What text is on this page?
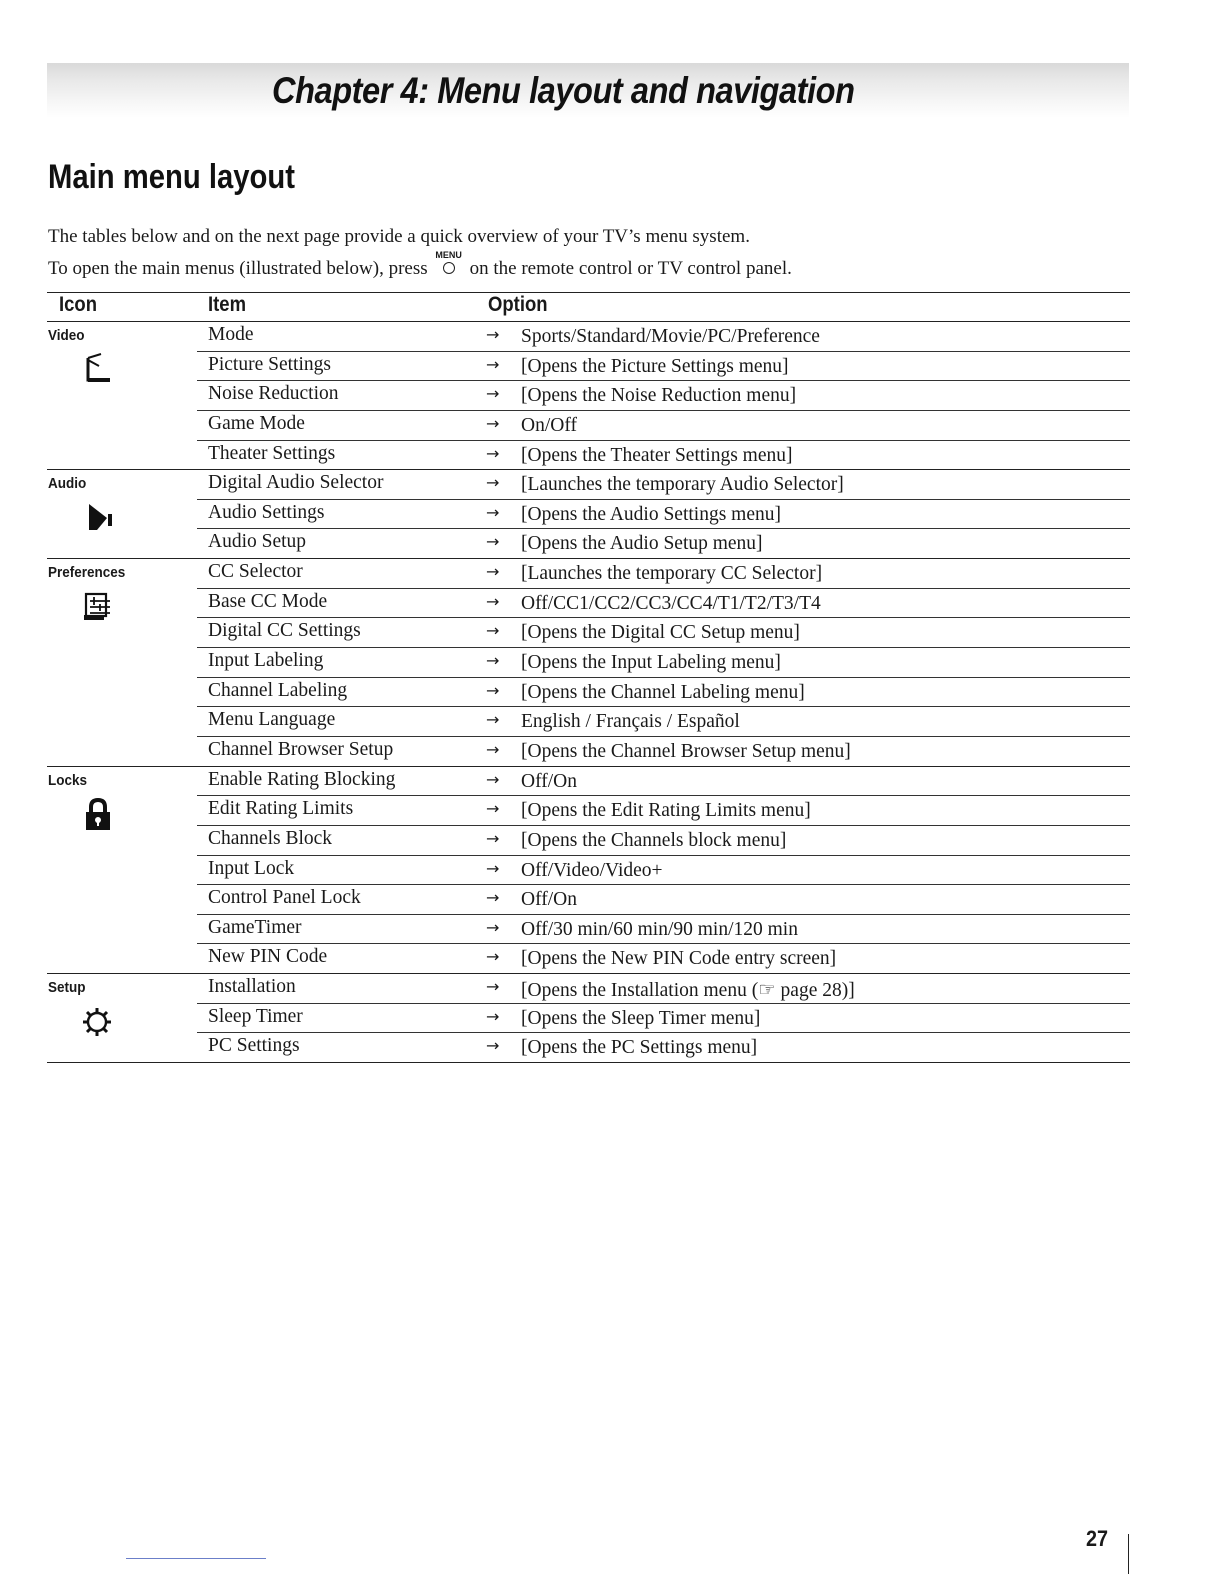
Chapter 4: Menu layout and navigation
Main menu layout

The tables below and on the next page provide a quick overview of your TV’s menu system.

To open the main menus (illustrated below), press
MENU
on the remote control or TV control panel.

Icon	Item	Option
Video	Mode	→ Sports/Standard/Movie/PC/Preference
Picture Settings	→ [Opens the Picture Settings menu]
Noise Reduction	→ [Opens the Noise Reduction menu]
Game Mode	→ On/Off
Theater Settings	→ [Opens the Theater Settings menu]
Audio	Digital Audio Selector	→ [Launches the temporary Audio Selector]
Audio Settings	→ [Opens the Audio Settings menu]
Audio Setup	→ [Opens the Audio Setup menu]
Preferences	CC Selector	→ [Launches the temporary CC Selector]
Base CC Mode	→ Off/CC1/CC2/CC3/CC4/T1/T2/T3/T4
Digital CC Settings	→ [Opens the Digital CC Setup menu]
Input Labeling	→ [Opens the Input Labeling menu]
Channel Labeling	→ [Opens the Channel Labeling menu]
Menu Language	→ English / Français / Español
Channel Browser Setup	→ [Opens the Channel Browser Setup menu]
Locks	Enable Rating Blocking	→ Off/On
Edit Rating Limits	→ [Opens the Edit Rating Limits menu]
Channels Block	→ [Opens the Channels block menu]
Input Lock	→ Off/Video/Video+
Control Panel Lock	→ Off/On
GameTimer	→ Off/30 min/60 min/90 min/120 min
New PIN Code	→ [Opens the New PIN Code entry screen]
Setup	Installation	→ [Opens the Installation menu (☞ page 28)]
Sleep Timer	→ [Opens the Sleep Timer menu]
PC Settings	→ [Opens the PC Settings menu]
27
